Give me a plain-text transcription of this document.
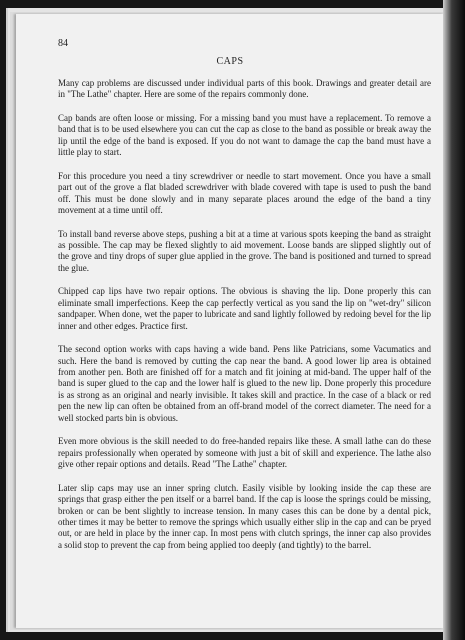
84
CAPS

Many cap problems are discussed under individual parts of this book. Drawings and greater detail are in "The Lathe" chapter. Here are some of the repairs commonly done.

Cap bands are often loose or missing. For a missing band you must have a replacement. To remove a band that is to be used elsewhere you can cut the cap as close to the band as possible or break away the lip until the edge of the band is exposed. If you do not want to damage the cap the band must have a little play to start.

For this procedure you need a tiny screwdriver or needle to start movement. Once you have a small part out of the grove a flat bladed screwdriver with blade covered with tape is used to push the band off. This must be done slowly and in many separate places around the edge of the band a tiny movement at a time until off.

To install band reverse above steps, pushing a bit at a time at various spots keeping the band as straight as possible. The cap may be flexed slightly to aid movement. Loose bands are slipped slightly out of the grove and tiny drops of super glue applied in the grove. The band is positioned and turned to spread the glue.

Chipped cap lips have two repair options. The obvious is shaving the lip. Done properly this can eliminate small imperfections. Keep the cap perfectly vertical as you sand the lip on "wet-dry" silicon sandpaper. When done, wet the paper to lubricate and sand lightly followed by redoing bevel for the lip inner and other edges. Practice first.

The second option works with caps having a wide band. Pens like Patricians, some Vacumatics and such. Here the band is removed by cutting the cap near the band. A good lower lip area is obtained from another pen. Both are finished off for a match and fit joining at mid-band. The upper half of the band is super glued to the cap and the lower half is glued to the new lip. Done properly this procedure is as strong as an original and nearly invisible. It takes skill and practice. In the case of a black or red pen the new lip can often be obtained from an off-brand model of the correct diameter. The need for a well stocked parts bin is obvious.

Even more obvious is the skill needed to do free-handed repairs like these. A small lathe can do these repairs professionally when operated by someone with just a bit of skill and experience. The lathe also give other repair options and details. Read "The Lathe" chapter.

Later slip caps may use an inner spring clutch. Easily visible by looking inside the cap these are springs that grasp either the pen itself or a barrel band. If the cap is loose the springs could be missing, broken or can be bent slightly to increase tension. In many cases this can be done by a dental pick, other times it may be better to remove the springs which usually either slip in the cap and can be pryed out, or are held in place by the inner cap. In most pens with clutch springs, the inner cap also provides a solid stop to prevent the cap from being applied too deeply (and tightly) to the barrel.
